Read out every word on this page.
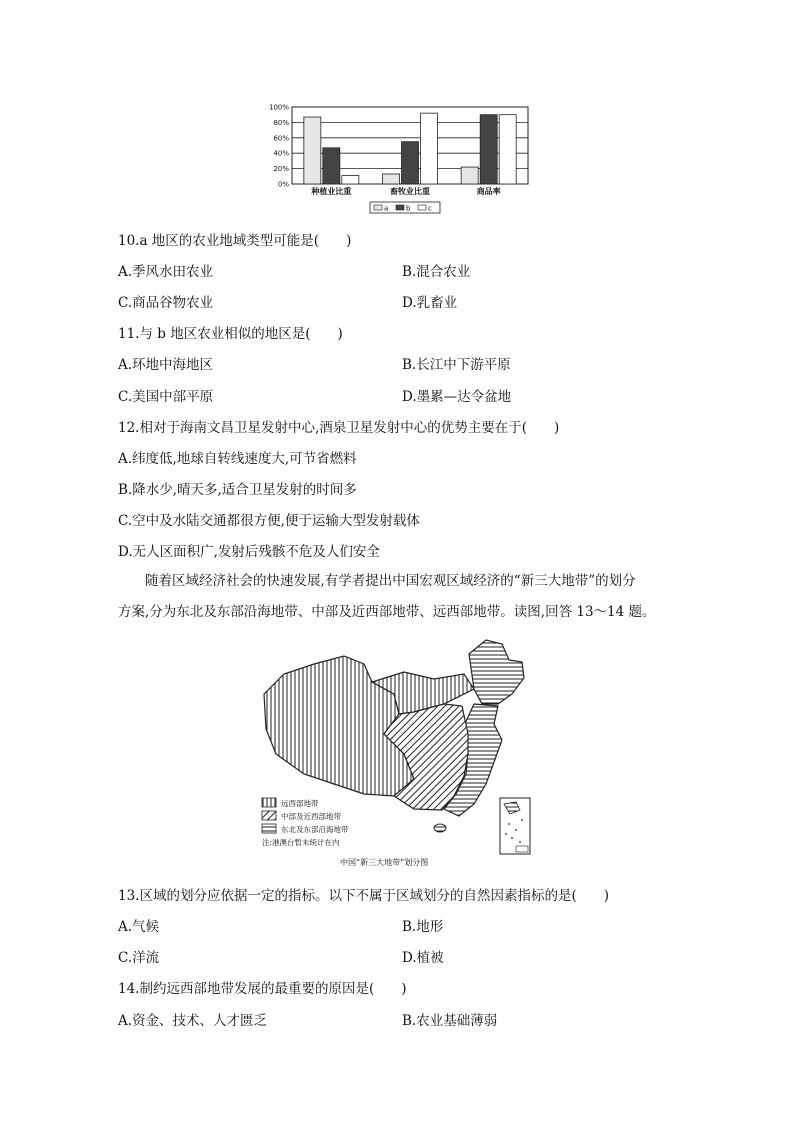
100%
80%
60%
40%
20%
0%
种植业比重	畜牧业比重	商品率
a	b	c
10.a 地区的农业地域类型可能是(　　)
A.季风水田农业	B.混合农业
C.商品谷物农业	D.乳畜业
11.与 b 地区农业相似的地区是(　　)
A.环地中海地区	B.长江中下游平原
C.美国中部平原	D.墨累—达令盆地
12.相对于海南文昌卫星发射中心,酒泉卫星发射中心的优势主要在于(　　)
A.纬度低,地球自转线速度大,可节省燃料
B.降水少,晴天多,适合卫星发射的时间多
C.空中及水陆交通都很方便,便于运输大型发射载体
D.无人区面积广,发射后残骸不危及人们安全
随着区域经济社会的快速发展,有学者提出中国宏观区域经济的“新三大地带”的划分
方案,分为东北及东部沿海地带、中部及近西部地带、远西部地带。读图,回答 13～14 题。
远西部地带
中部及近西部地带
东北及东部沿海地带
注:港澳台暂未统计在内
中国“新三大地带”划分图
13.区域的划分应依据一定的指标。以下不属于区域划分的自然因素指标的是(　　)
A.气候	B.地形
C.洋流	D.植被
14.制约远西部地带发展的最重要的原因是(　　)
A.资金、技术、人才匮乏	B.农业基础薄弱
